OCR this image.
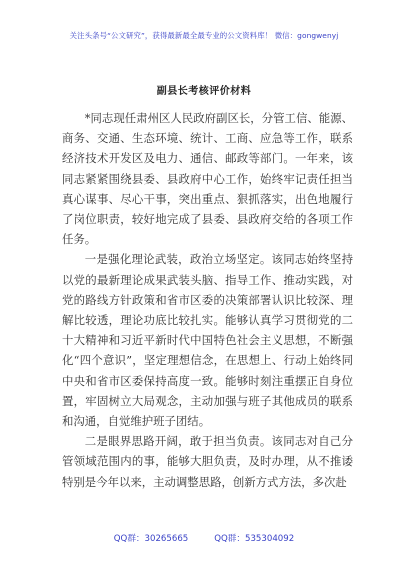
关注头条号“公文研究”，获得最新最全最专业的公文资料库！ 微信：gongwenyj
副县长考核评价材料

*同志现任肃州区人民政府副区长，分管工信、能源、商务、交通、生态环境、统计、工商、应急等工作，联系经济技术开发区及电力、通信、邮政等部门。一年来，该同志紧紧围绕县委、县政府中心工作，始终牢记责任担当真心谋事、尽心干事，突出重点、狠抓落实，出色地履行了岗位职责，较好地完成了县委、县政府交给的各项工作任务。

一是强化理论武装，政治立场坚定。该同志始终坚持以党的最新理论成果武装头脑、指导工作、推动实践，对党的路线方针政策和省市区委的决策部署认识比较深、理解比较透，理论功底比较扎实。能够认真学习贯彻党的二十大精神和习近平新时代中国特色社会主义思想，不断强化“四个意识”，坚定理想信念，在思想上、行动上始终同中央和省市区委保持高度一致。能够时刻注重摆正自身位置，牢固树立大局观念，主动加强与班子其他成员的联系和沟通，自觉维护班子团结。

二是眼界思路开阔，敢于担当负责。该同志对自己分管领域范围内的事，能够大胆负责，及时办理，从不推诿特别是今年以来，主动调整思路，创新方式方法，多次赴

QQ群：30265665	QQ群：535304092
